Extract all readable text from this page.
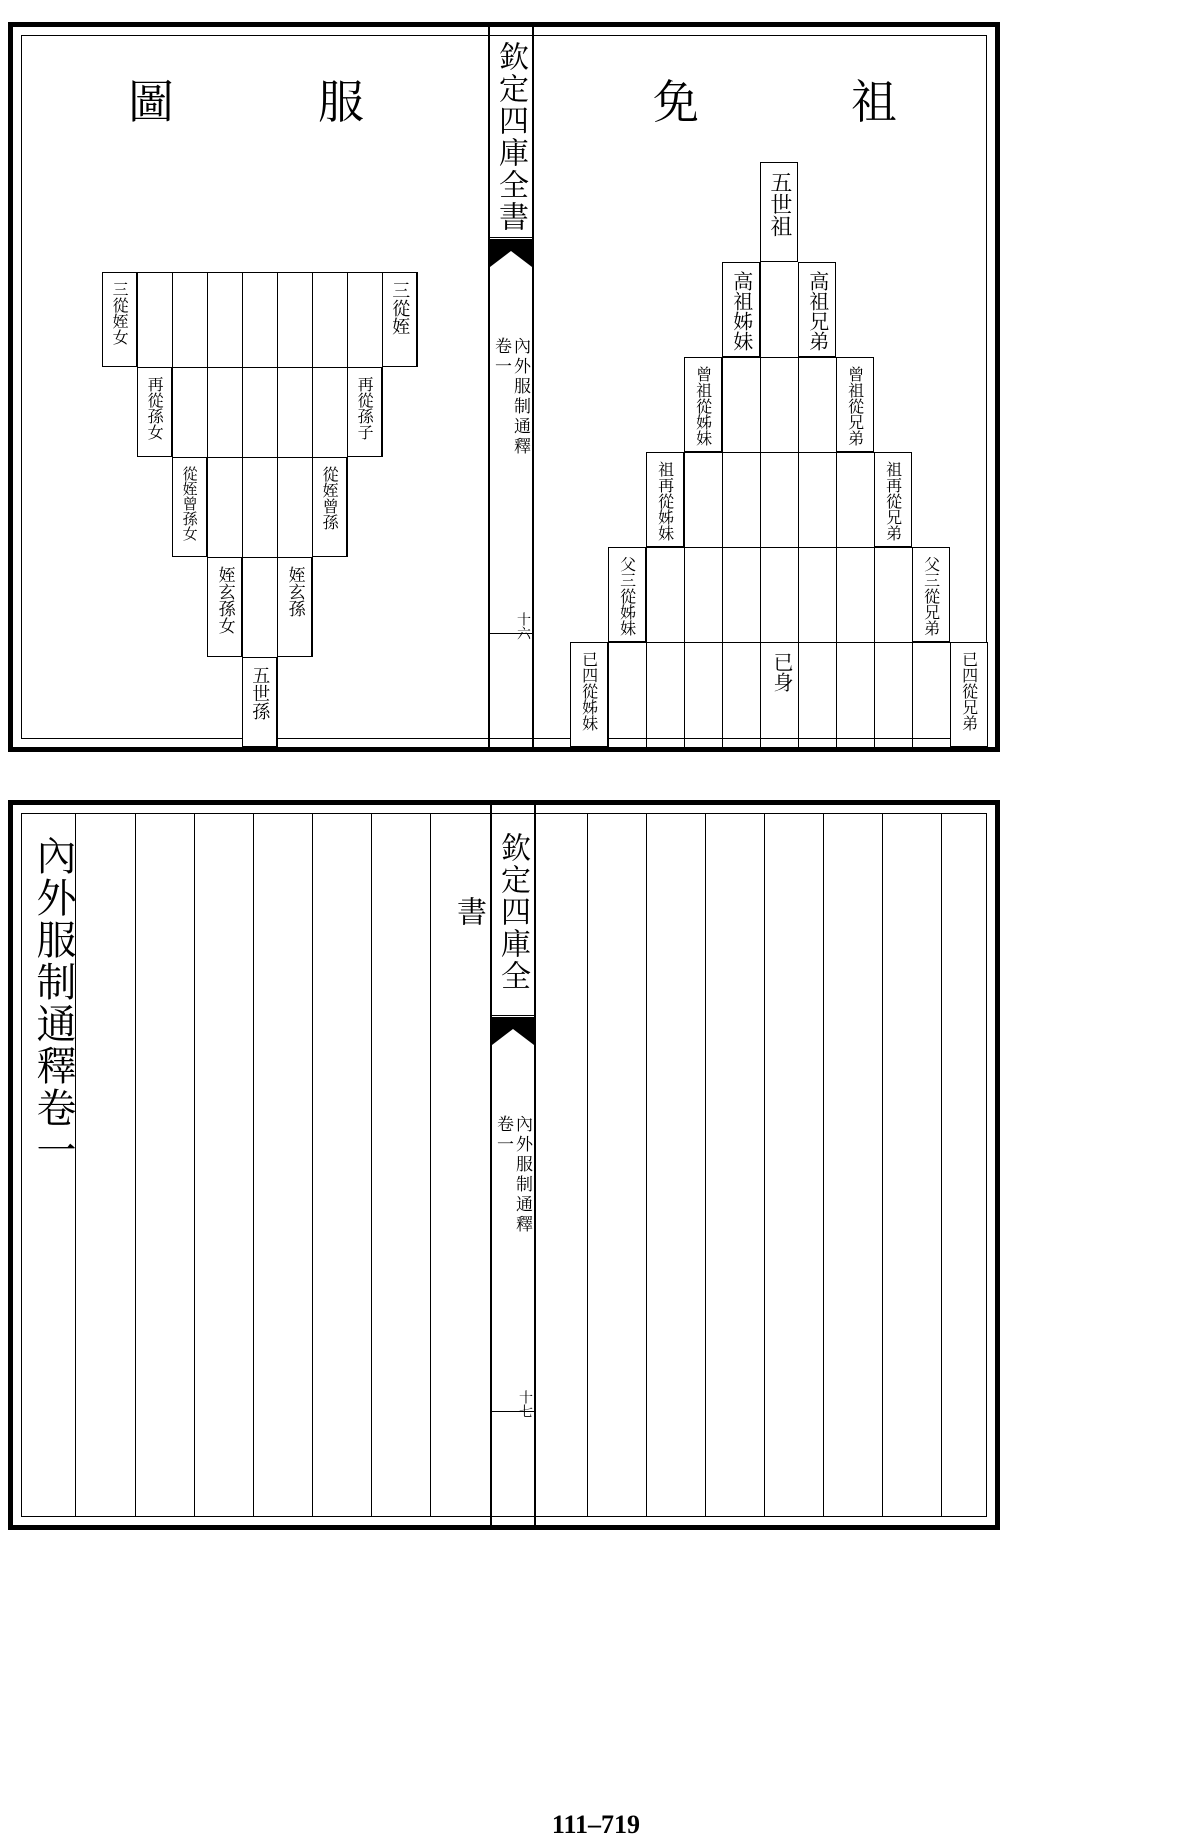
欽定四庫全書
卷一 內外服制通釋
十六
祖
免
服
圖
五世祖
高祖姊妹	高祖兄弟
曾祖從姊妹	曾祖從兄弟
祖再從姊妹	祖再從兄弟
父三從姊妹	父三從兄弟
已四從姊妹	已四從兄弟
已身
三從姪女	三從姪
再從孫女	再從孫子
從姪曾孫女	從姪曾孫
姪玄孫女	姪玄孫
五世孫
內外服制通釋卷一	欽定四庫全書
卷一 內外服制通釋
十七
111–719
